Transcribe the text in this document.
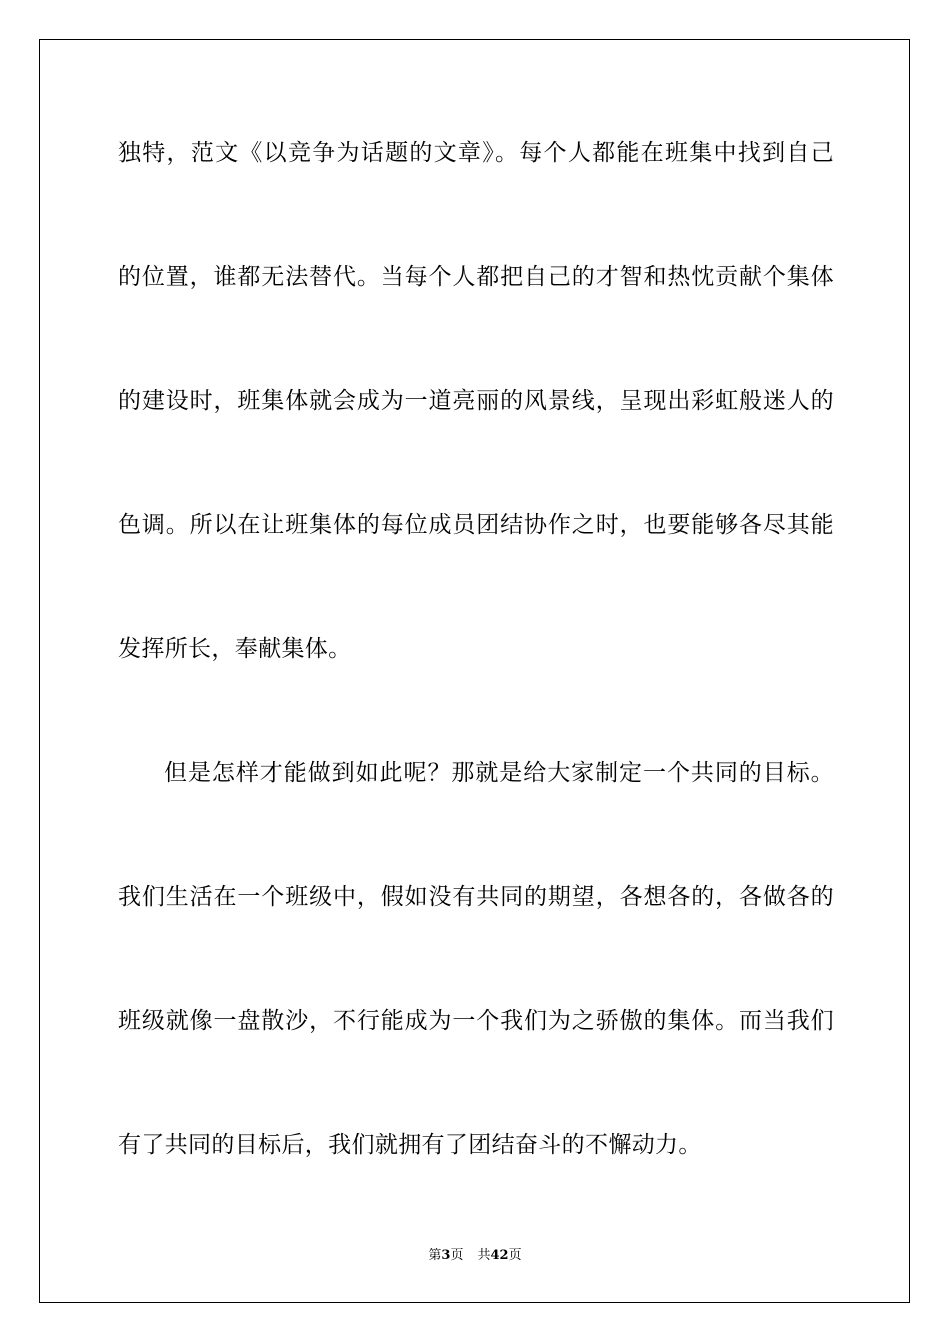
独特，范文《以竞争为话题的文章》。每个人都能在班集中找到自己

的位置，谁都无法替代。当每个人都把自己的才智和热忱贡献个集体

的建设时，班集体就会成为一道亮丽的风景线，呈现出彩虹般迷人的

色调。所以在让班集体的每位成员团结协作之时，也要能够各尽其能

发挥所长，奉献集体。

但是怎样才能做到如此呢？那就是给大家制定一个共同的目标。

我们生活在一个班级中，假如没有共同的期望，各想各的，各做各的

班级就像一盘散沙，不行能成为一个我们为之骄傲的集体。而当我们

有了共同的目标后，我们就拥有了团结奋斗的不懈动力。

第3页 共42页
